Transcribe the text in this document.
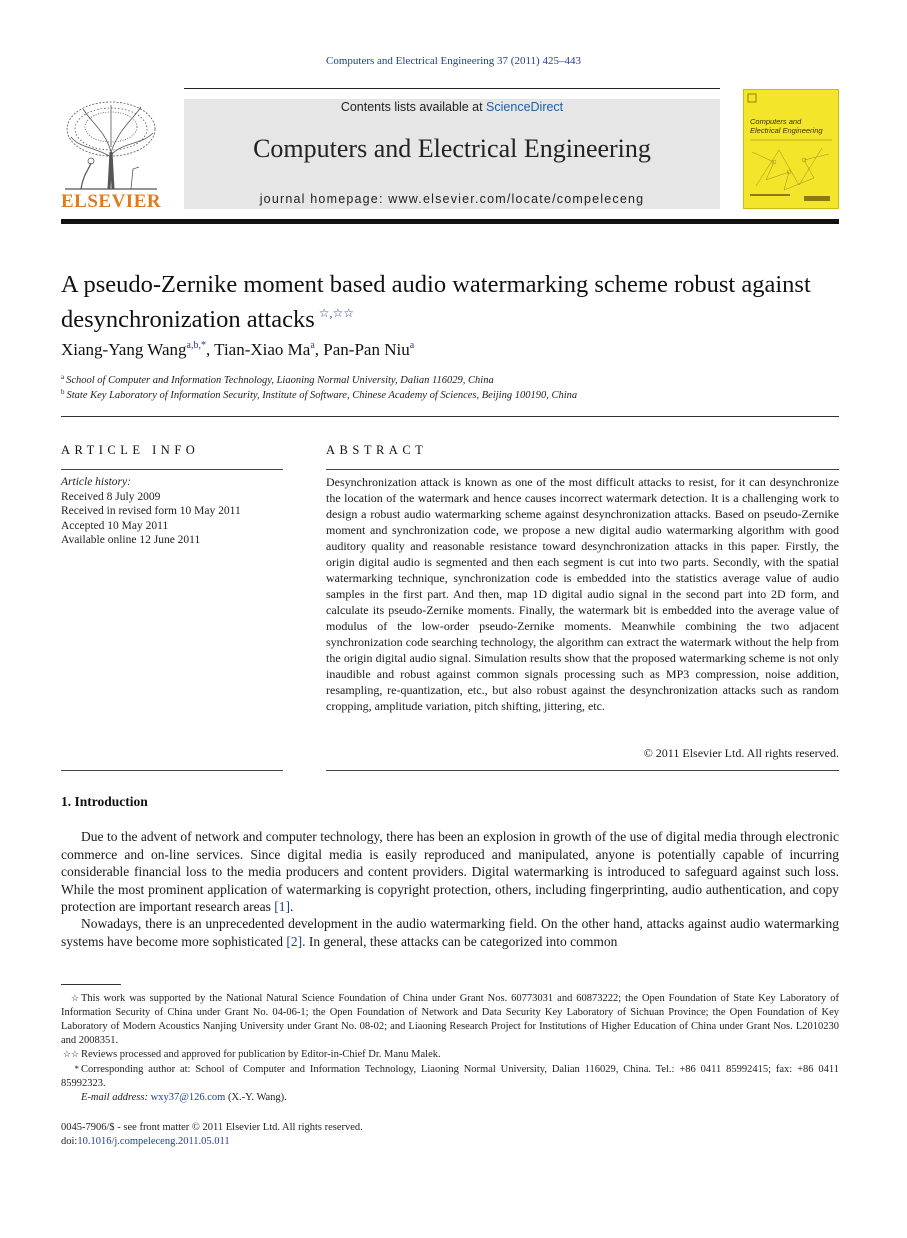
Computers and Electrical Engineering 37 (2011) 425–443
ELSEVIER
Contents lists available at ScienceDirect
Computers and Electrical Engineering
journal homepage: www.elsevier.com/locate/compeleceng
Computers and
Electrical Engineering
A pseudo-Zernike moment based audio watermarking scheme robust against desynchronization attacks ☆,☆☆
Xiang-Yang Wang$^{a,b,*}$, Tian-Xiao Ma$^a$, Pan-Pan Niu$^a$
$^a$ School of Computer and Information Technology, Liaoning Normal University, Dalian 116029, China
$^b$ State Key Laboratory of Information Security, Institute of Software, Chinese Academy of Sciences, Beijing 100190, China
ARTICLE INFO	ABSTRACT
Article history:
Received 8 July 2009
Received in revised form 10 May 2011
Accepted 10 May 2011
Available online 12 June 2011
Desynchronization attack is known as one of the most difficult attacks to resist, for it can desynchronize the location of the watermark and hence causes incorrect watermark detection. It is a challenging work to design a robust audio watermarking scheme against desynchronization attacks. Based on pseudo-Zernike moment and synchronization code, we propose a new digital audio watermarking algorithm with good auditory quality and reasonable resistance toward desynchronization attacks in this paper. Firstly, the origin digital audio is segmented and then each segment is cut into two parts. Secondly, with the spatial watermarking technique, synchronization code is embedded into the statistics average value of audio samples in the first part. And then, map 1D digital audio signal in the second part into 2D form, and calculate its pseudo-Zernike moments. Finally, the watermark bit is embedded into the average value of modulus of the low-order pseudo-Zernike moments. Meanwhile combining the two adjacent synchronization code searching technology, the algorithm can extract the watermark without the help from the origin digital audio signal. Simulation results show that the proposed watermarking scheme is not only inaudible and robust against common signals processing such as MP3 compression, noise addition, resampling, re-quantization, etc., but also robust against the desynchronization attacks such as random cropping, amplitude variation, pitch shifting, jittering, etc.
© 2011 Elsevier Ltd. All rights reserved.
1. Introduction
Due to the advent of network and computer technology, there has been an explosion in growth of the use of digital media through electronic commerce and on-line services. Since digital media is easily reproduced and manipulated, anyone is potentially capable of incurring considerable financial loss to the media producers and content providers. Digital watermarking is introduced to safeguard against such loss. While the most prominent application of watermarking is copyright protection, others, including fingerprinting, audio authentication, and copy protection are important research areas [1].
Nowadays, there is an unprecedented development in the audio watermarking field. On the other hand, attacks against audio watermarking systems have become more sophisticated [2]. In general, these attacks can be categorized into common
☆ This work was supported by the National Natural Science Foundation of China under Grant Nos. 60773031 and 60873222; the Open Foundation of State Key Laboratory of Information Security of China under Grant No. 04-06-1; the Open Foundation of Network and Data Security Key Laboratory of Sichuan Province; the Open Foundation of Key Laboratory of Modern Acoustics Nanjing University under Grant No. 08-02; and Liaoning Research Project for Institutions of Higher Education of China under Grant Nos. L2010230 and 2008351.
☆☆ Reviews processed and approved for publication by Editor-in-Chief Dr. Manu Malek.
* Corresponding author at: School of Computer and Information Technology, Liaoning Normal University, Dalian 116029, China. Tel.: +86 0411 85992415; fax: +86 0411 85992323.
E-mail address: wxy37@126.com (X.-Y. Wang).
0045-7906/$ - see front matter © 2011 Elsevier Ltd. All rights reserved.
doi:10.1016/j.compeleceng.2011.05.011
